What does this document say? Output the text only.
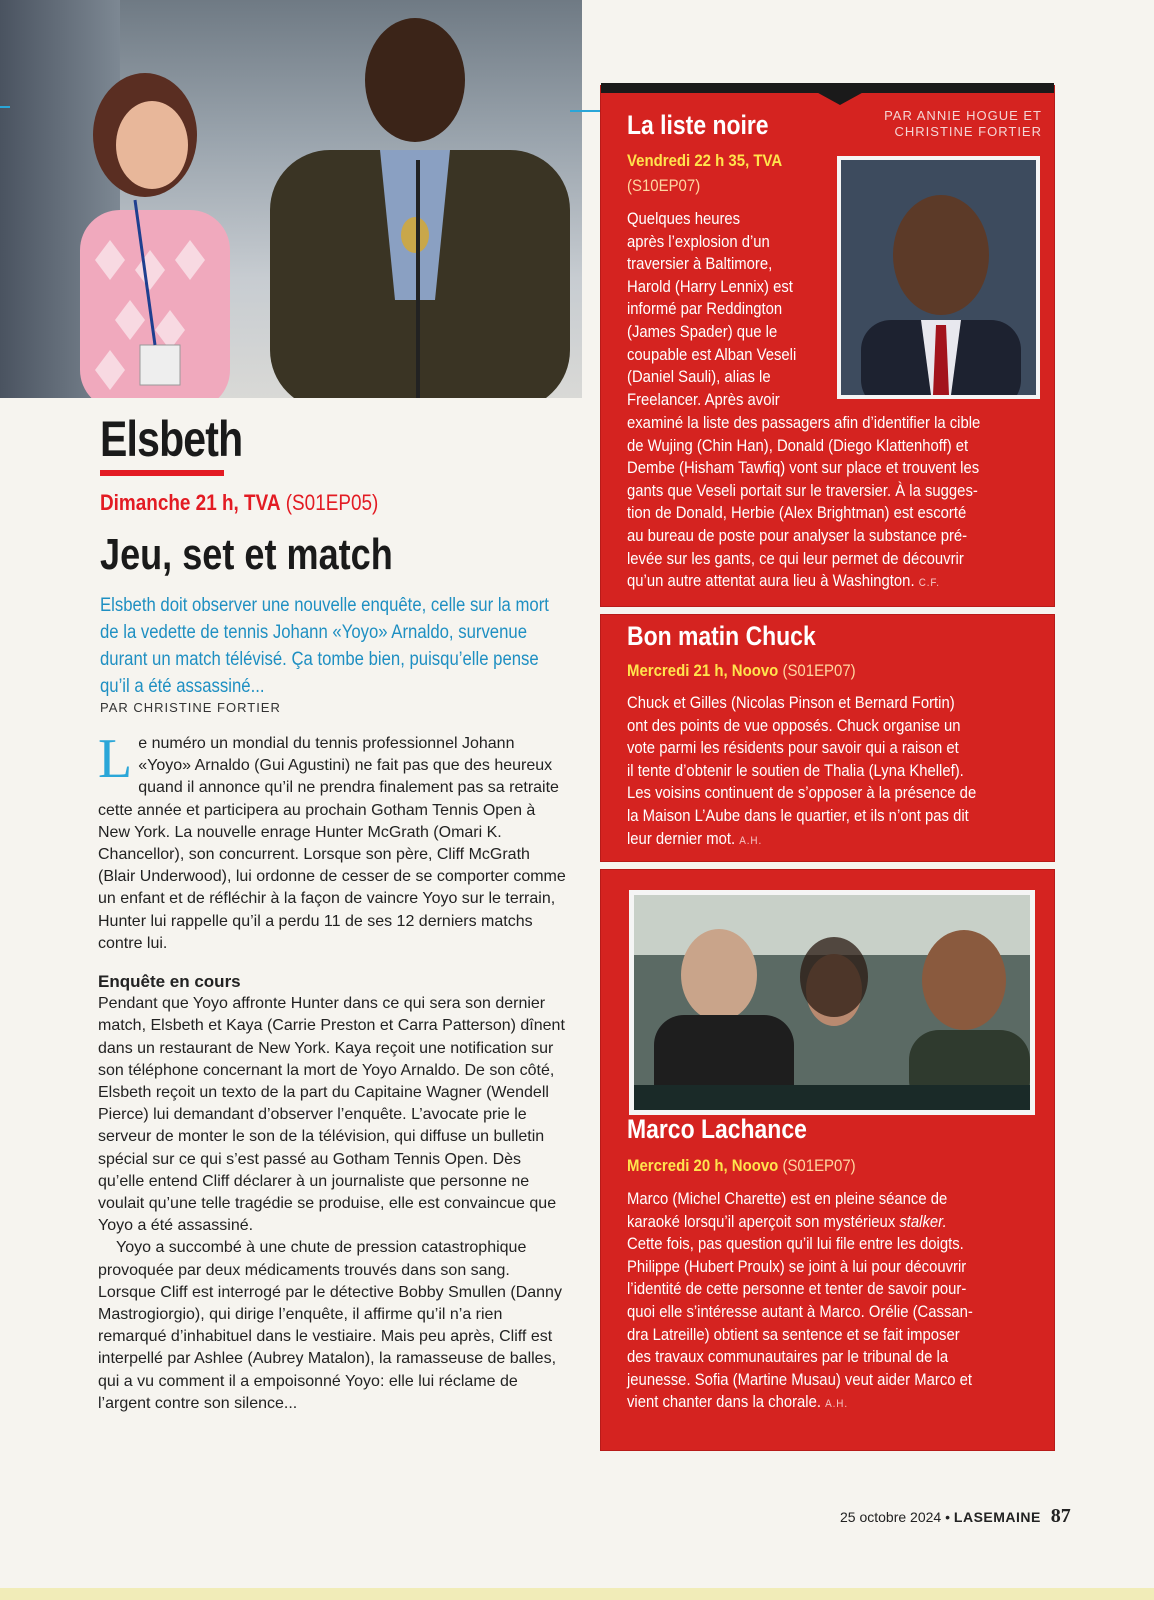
Elsbeth
Dimanche 21 h, TVA (S01EP05)
Jeu, set et match
Elsbeth doit observer une nouvelle enquête, celle sur la mort de la vedette de tennis Johann «Yoyo» Arnaldo, survenue durant un match télévisé. Ça tombe bien, puisqu’elle pense qu’il a été assassiné...
PAR CHRISTINE FORTIER

Le numéro un mondial du tennis professionnel Johann «Yoyo» Arnaldo (Gui Agustini) ne fait pas que des heureux quand il annonce qu’il ne prendra finalement pas sa retraite cette année et participera au prochain Gotham Tennis Open à New York. La nouvelle enrage Hunter McGrath (Omari K. Chancellor), son concurrent. Lorsque son père, Cliff McGrath (Blair Underwood), lui ordonne de cesser de se comporter comme un enfant et de réfléchir à la façon de vaincre Yoyo sur le terrain, Hunter lui rappelle qu’il a perdu 11 de ses 12 derniers matchs contre lui.

Enquête en cours

Pendant que Yoyo affronte Hunter dans ce qui sera son dernier match, Elsbeth et Kaya (Carrie Preston et Carra Patterson) dînent dans un restaurant de New York. Kaya reçoit une notification sur son téléphone concernant la mort de Yoyo Arnaldo. De son côté, Elsbeth reçoit un texto de la part du Capitaine Wagner (Wendell Pierce) lui demandant d’observer l’enquête. L’avocate prie le serveur de monter le son de la télévision, qui diffuse un bulletin spécial sur ce qui s’est passé au Gotham Tennis Open. Dès qu’elle entend Cliff déclarer à un journaliste que personne ne voulait qu’une telle tragédie se produise, elle est convaincue que Yoyo a été assassiné.

Yoyo a succombé à une chute de pression catastrophique provoquée par deux médicaments trouvés dans son sang. Lorsque Cliff est interrogé par le détective Bobby Smullen (Danny Mastrogiorgio), qui dirige l’enquête, il affirme qu’il n’a rien remarqué d’inhabituel dans le vestiaire. Mais peu après, Cliff est interpellé par Ashlee (Aubrey Matalon), la ramasseuse de balles, qui a vu comment il a empoisonné Yoyo: elle lui réclame de l’argent contre son silence...

PAR ANNIE HOGUE ET
CHRISTINE FORTIER
La liste noire
Vendredi 22 h 35, TVA
(S10EP07)
Quelques heures
après l’explosion d’un
traversier à Baltimore,
Harold (Harry Lennix) est
informé par Reddington
(James Spader) que le
coupable est Alban Veseli
(Daniel Sauli), alias le
Freelancer. Après avoir
examiné la liste des passagers afin d’identifier la cible
de Wujing (Chin Han), Donald (Diego Klattenhoff) et
Dembe (Hisham Tawfiq) vont sur place et trouvent les
gants que Veseli portait sur le traversier. À la sugges-
tion de Donald, Herbie (Alex Brightman) est escorté
au bureau de poste pour analyser la substance pré-
levée sur les gants, ce qui leur permet de découvrir
qu’un autre attentat aura lieu à Washington. C.F.
Bon matin Chuck
Mercredi 21 h, Noovo (S01EP07)
Chuck et Gilles (Nicolas Pinson et Bernard Fortin)
ont des points de vue opposés. Chuck organise un
vote parmi les résidents pour savoir qui a raison et
il tente d’obtenir le soutien de Thalia (Lyna Khellef).
Les voisins continuent de s’opposer à la présence de
la Maison L’Aube dans le quartier, et ils n’ont pas dit
leur dernier mot. A.H.
Marco Lachance
Mercredi 20 h, Noovo (S01EP07)
Marco (Michel Charette) est en pleine séance de
karaoké lorsqu’il aperçoit son mystérieux stalker.
Cette fois, pas question qu’il lui file entre les doigts.
Philippe (Hubert Proulx) se joint à lui pour découvrir
l’identité de cette personne et tenter de savoir pour-
quoi elle s’intéresse autant à Marco. Orélie (Cassan-
dra Latreille) obtient sa sentence et se fait imposer
des travaux communautaires par le tribunal de la
jeunesse. Sofia (Martine Musau) veut aider Marco et
vient chanter dans la chorale. A.H.
25 octobre 2024 • LASEMAINE 87
